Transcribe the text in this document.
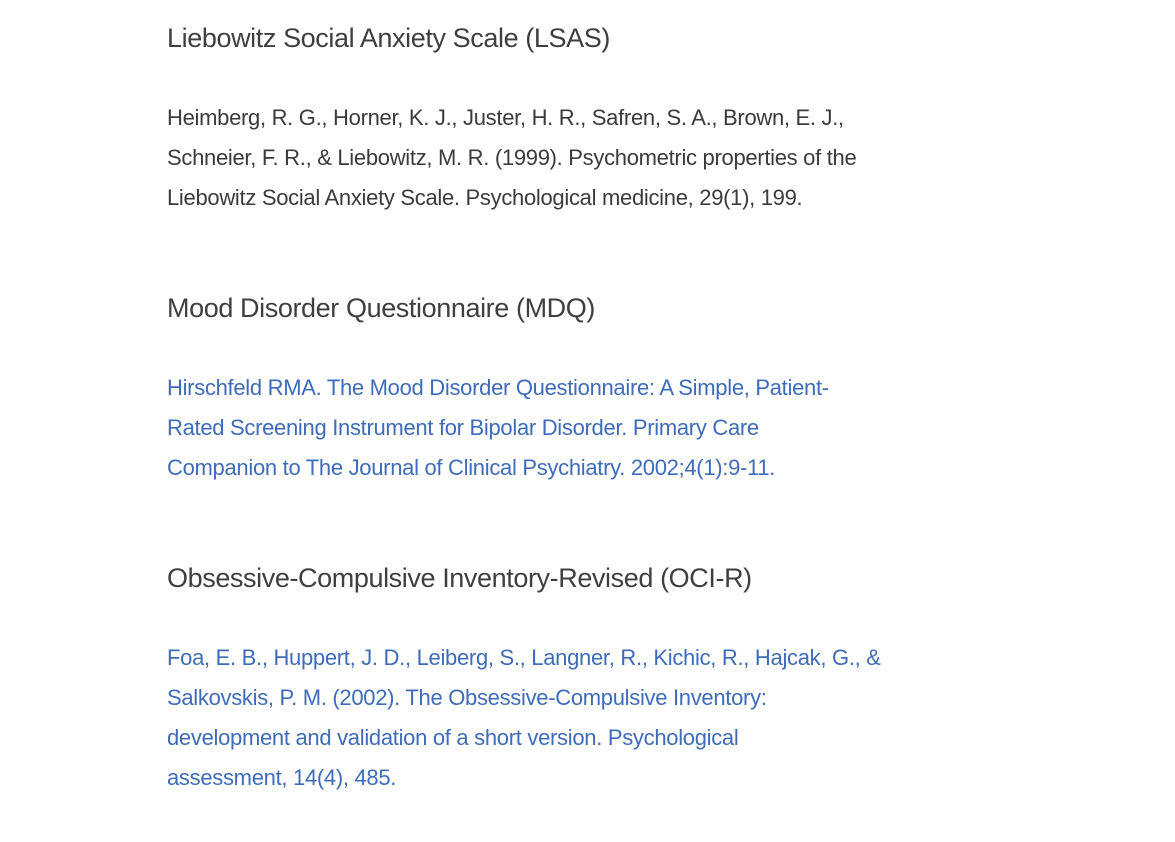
Liebowitz Social Anxiety Scale (LSAS)

Heimberg, R. G., Horner, K. J., Juster, H. R., Safren, S. A., Brown, E. J.,
Schneier, F. R., & Liebowitz, M. R. (1999). Psychometric properties of the
Liebowitz Social Anxiety Scale. Psychological medicine, 29(1), 199.

Mood Disorder Questionnaire (MDQ)

Hirschfeld RMA. The Mood Disorder Questionnaire: A Simple, Patient-
Rated Screening Instrument for Bipolar Disorder. Primary Care
Companion to The Journal of Clinical Psychiatry. 2002;4(1):9-11.

Obsessive-Compulsive Inventory-Revised (OCI-R)

Foa, E. B., Huppert, J. D., Leiberg, S., Langner, R., Kichic, R., Hajcak, G., &
Salkovskis, P. M. (2002). The Obsessive-Compulsive Inventory:
development and validation of a short version. Psychological
assessment, 14(4), 485.
